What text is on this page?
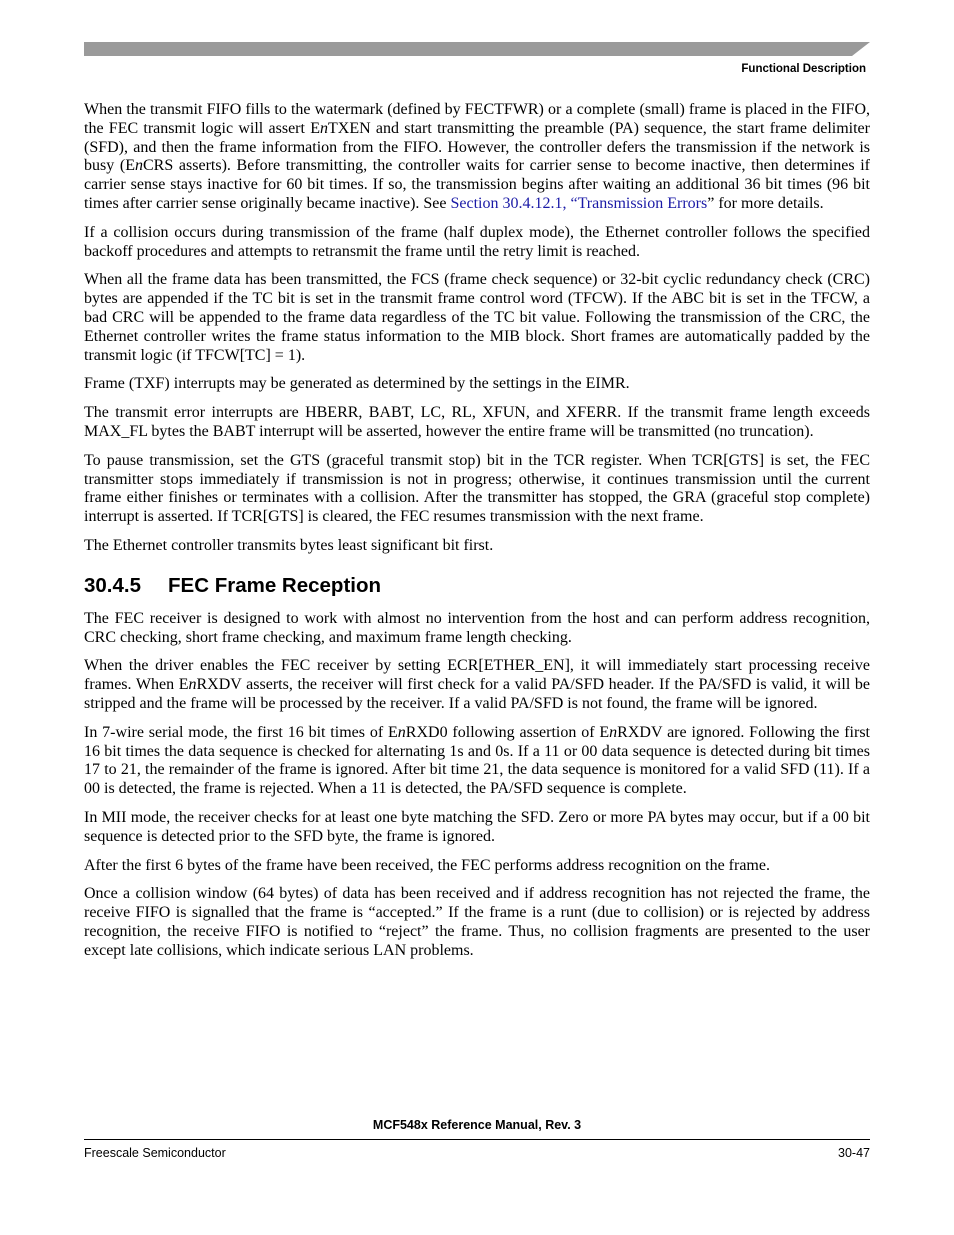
Functional Description

When the transmit FIFO fills to the watermark (defined by FECTFWR) or a complete (small) frame is placed in the FIFO, the FEC transmit logic will assert EnTXEN and start transmitting the preamble (PA) sequence, the start frame delimiter (SFD), and then the frame information from the FIFO. However, the controller defers the transmission if the network is busy (EnCRS asserts). Before transmitting, the controller waits for carrier sense to become inactive, then determines if carrier sense stays inactive for 60 bit times. If so, the transmission begins after waiting an additional 36 bit times (96 bit times after carrier sense originally became inactive). See Section 30.4.12.1, “Transmission Errors” for more details.

If a collision occurs during transmission of the frame (half duplex mode), the Ethernet controller follows the specified backoff procedures and attempts to retransmit the frame until the retry limit is reached.

When all the frame data has been transmitted, the FCS (frame check sequence) or 32-bit cyclic redundancy check (CRC) bytes are appended if the TC bit is set in the transmit frame control word (TFCW). If the ABC bit is set in the TFCW, a bad CRC will be appended to the frame data regardless of the TC bit value. Following the transmission of the CRC, the Ethernet controller writes the frame status information to the MIB block. Short frames are automatically padded by the transmit logic (if TFCW[TC] = 1).

Frame (TXF) interrupts may be generated as determined by the settings in the EIMR.

The transmit error interrupts are HBERR, BABT, LC, RL, XFUN, and XFERR. If the transmit frame length exceeds MAX_FL bytes the BABT interrupt will be asserted, however the entire frame will be transmitted (no truncation).

To pause transmission, set the GTS (graceful transmit stop) bit in the TCR register. When TCR[GTS] is set, the FEC transmitter stops immediately if transmission is not in progress; otherwise, it continues transmission until the current frame either finishes or terminates with a collision. After the transmitter has stopped, the GRA (graceful stop complete) interrupt is asserted. If TCR[GTS] is cleared, the FEC resumes transmission with the next frame.

The Ethernet controller transmits bytes least significant bit first.

30.4.5 FEC Frame Reception

The FEC receiver is designed to work with almost no intervention from the host and can perform address recognition, CRC checking, short frame checking, and maximum frame length checking.

When the driver enables the FEC receiver by setting ECR[ETHER_EN], it will immediately start processing receive frames. When EnRXDV asserts, the receiver will first check for a valid PA/SFD header. If the PA/SFD is valid, it will be stripped and the frame will be processed by the receiver. If a valid PA/SFD is not found, the frame will be ignored.

In 7-wire serial mode, the first 16 bit times of EnRXD0 following assertion of EnRXDV are ignored. Following the first 16 bit times the data sequence is checked for alternating 1s and 0s. If a 11 or 00 data sequence is detected during bit times 17 to 21, the remainder of the frame is ignored. After bit time 21, the data sequence is monitored for a valid SFD (11). If a 00 is detected, the frame is rejected. When a 11 is detected, the PA/SFD sequence is complete.

In MII mode, the receiver checks for at least one byte matching the SFD. Zero or more PA bytes may occur, but if a 00 bit sequence is detected prior to the SFD byte, the frame is ignored.

After the first 6 bytes of the frame have been received, the FEC performs address recognition on the frame.

Once a collision window (64 bytes) of data has been received and if address recognition has not rejected the frame, the receive FIFO is signalled that the frame is “accepted.” If the frame is a runt (due to collision) or is rejected by address recognition, the receive FIFO is notified to “reject” the frame. Thus, no collision fragments are presented to the user except late collisions, which indicate serious LAN problems.

MCF548x Reference Manual, Rev. 3
Freescale Semiconductor	30-47
